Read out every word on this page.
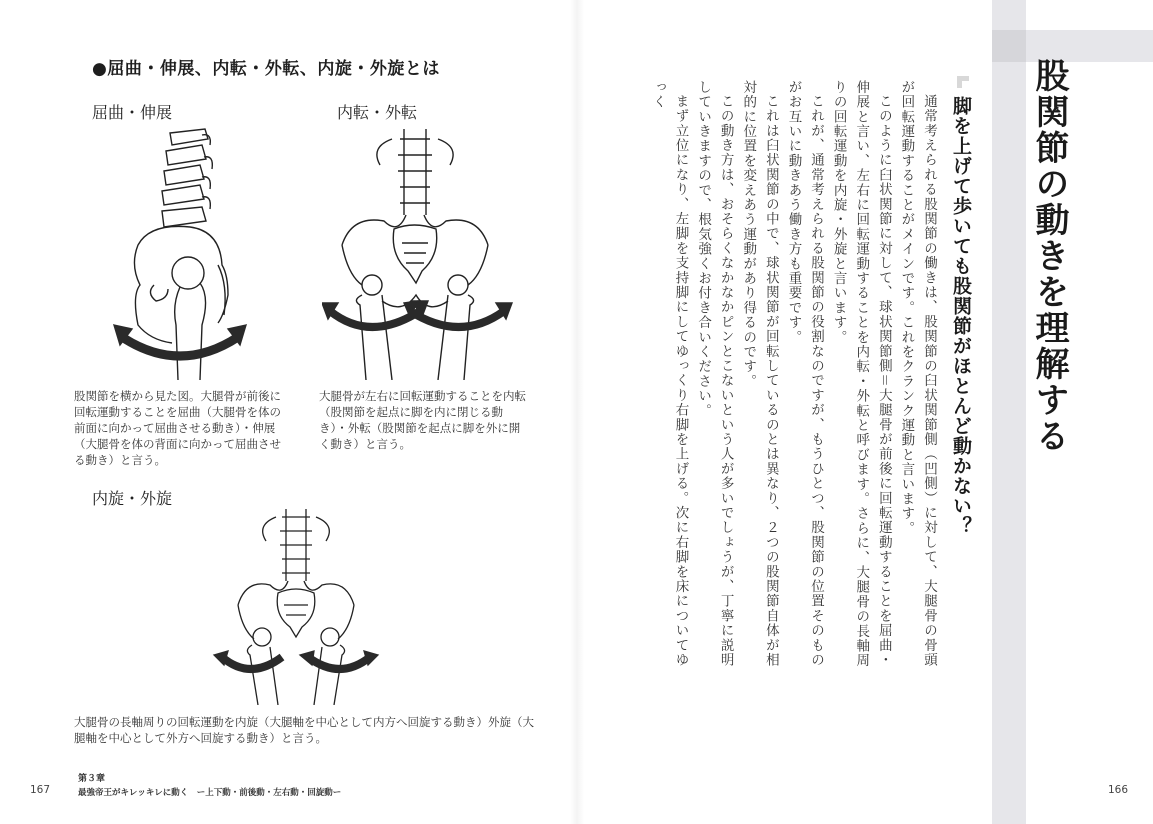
●屈曲・伸展、内転・外転、内旋・外旋とは
屈曲・伸展	内転・外転
股関節を横から見た図。大腿骨が前後に回転運動することを屈曲（大腿骨を体の前面に向かって屈曲させる動き）・伸展（大腿骨を体の背面に向かって屈曲させる動き）と言う。
大腿骨が左右に回転運動することを内転（股関節を起点に脚を内に閉じる動き）・外転（股関節を起点に脚を外に開く動き）と言う。
内旋・外旋
大腿骨の長軸周りの回転運動を内旋（大腿軸を中心として内方へ回旋する動き）外旋（大腿軸を中心として外方へ回旋する動き）と言う。
第３章
最強帝王がキレッキレに動く　ー上下動・前後動・左右動・回旋動ー
167
股関節の動きを理解する
脚を上げて歩いても股関節がほとんど動かない？

通常考えられる股関節の働きは、股関節の臼状関節側（凹側）に対して、大腿骨の骨頭が回転運動することがメインです。これをクランク運動と言います。

このように臼状関節に対して、球状関節側＝大腿骨が前後に回転運動することを屈曲・伸展と言い、左右に回転運動することを内転・外転と呼びます。さらに、大腿骨の長軸周りの回転運動を内旋・外旋と言います。

これが、通常考えられる股関節の役割なのですが、もうひとつ、股関節の位置そのものがお互いに動きあう働き方も重要です。

これは臼状関節の中で、球状関節が回転しているのとは異なり、２つの股関節自体が相対的に位置を変えあう運動があり得るのです。

この動き方は、おそらくなかなかピンとこないという人が多いでしょうが、丁寧に説明していきますので、根気強くお付き合いください。

まず立位になり、左脚を支持脚にしてゆっくり右脚を上げる。次に右脚を床についてゆっく

166
